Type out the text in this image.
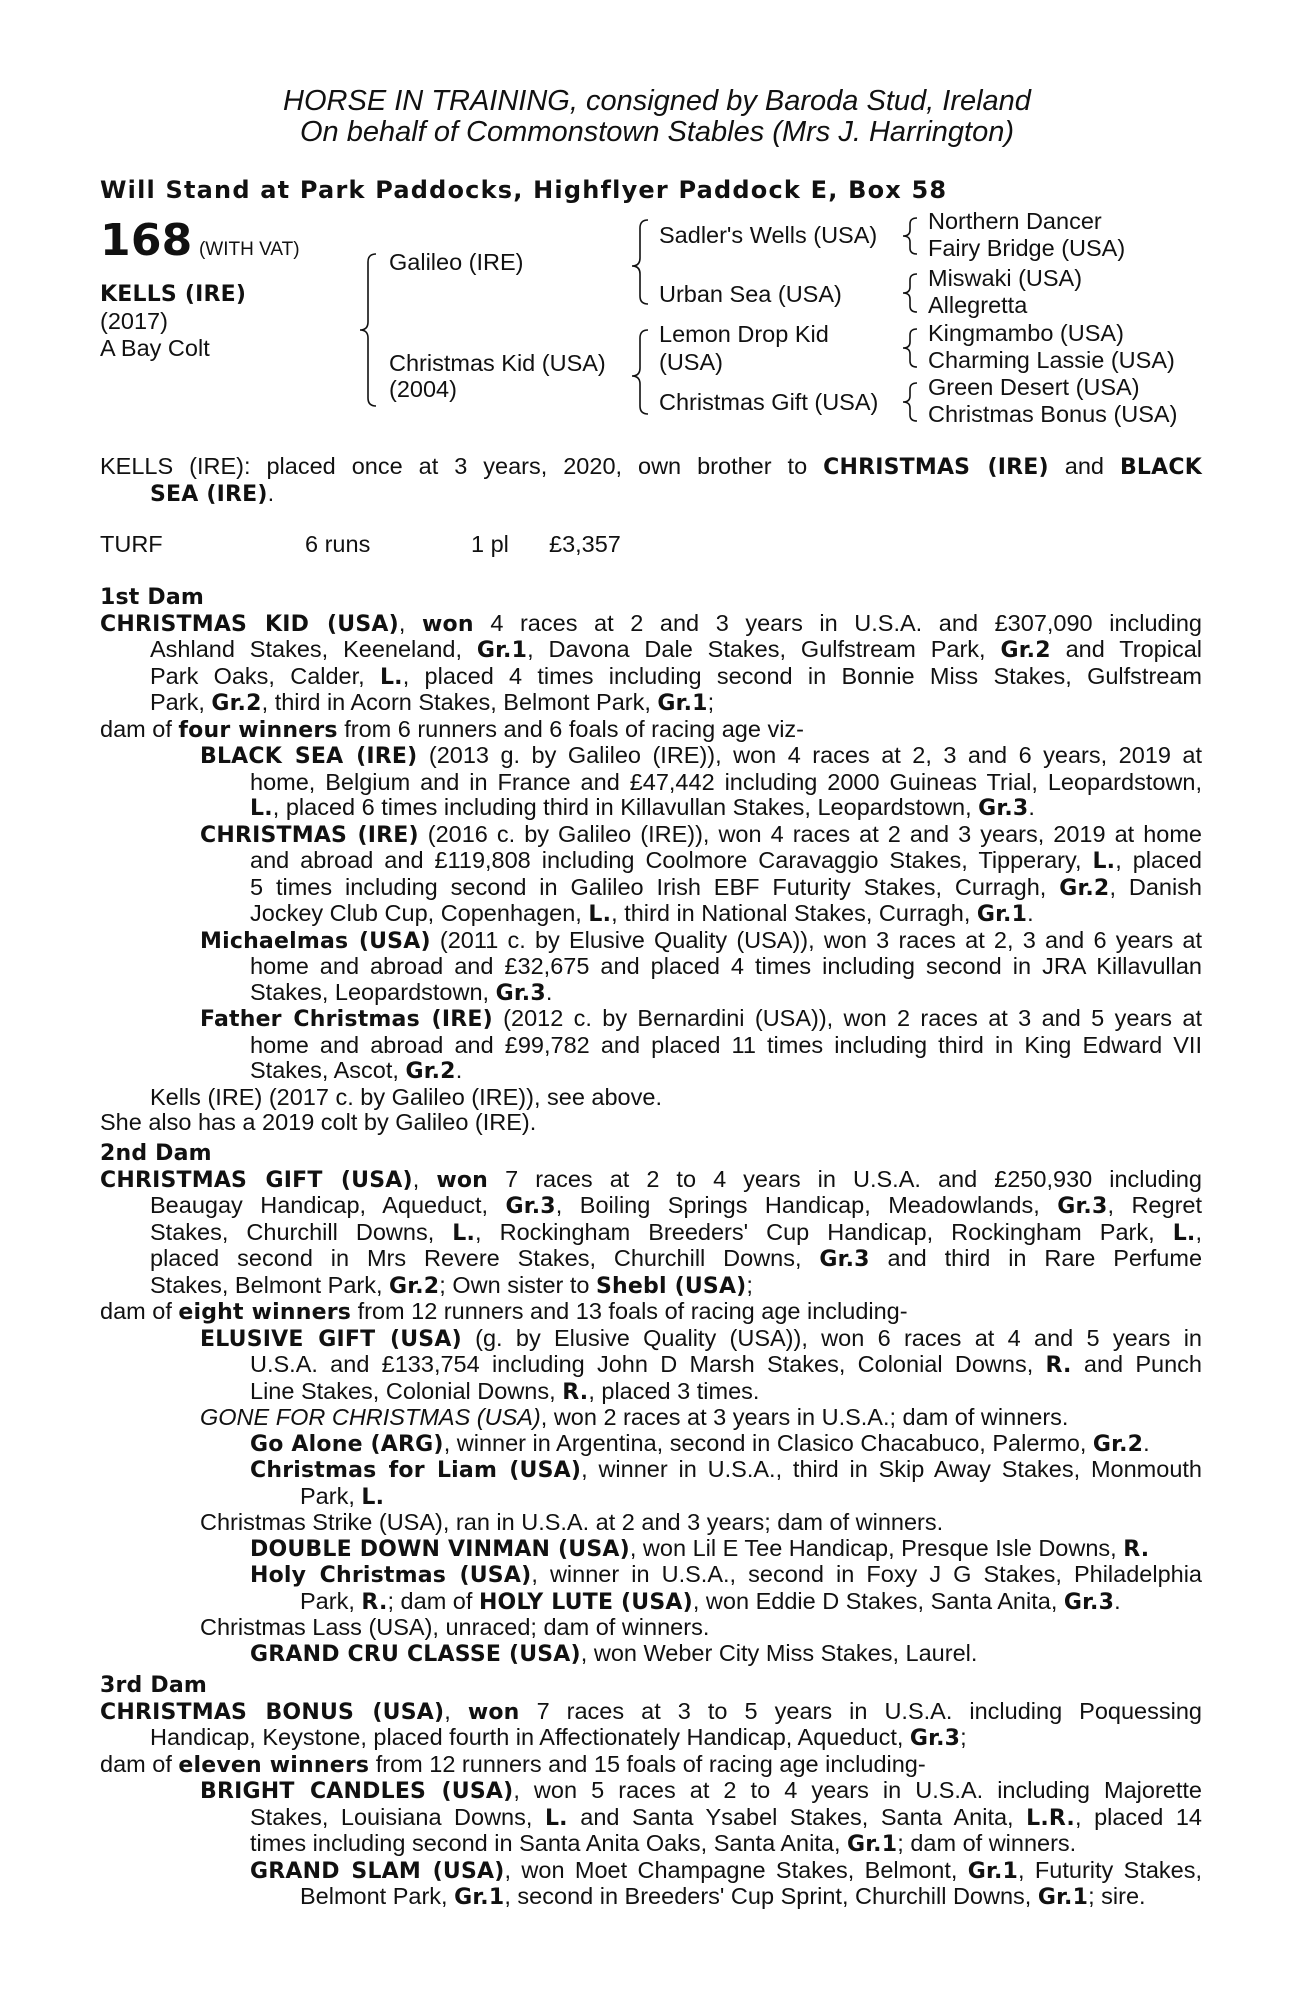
HORSE IN TRAINING, consigned by Baroda Stud, Ireland
On behalf of Commonstown Stables (Mrs J. Harrington)
Will Stand at Park Paddocks, Highflyer Paddock E, Box 58
168 (WITH VAT)
KELLS (IRE)
(2017)
A Bay Colt
Galileo (IRE)
Christmas Kid (USA)
(2004)
Sadler's Wells (USA)
Urban Sea (USA)
Lemon Drop Kid
(USA)
Christmas Gift (USA)
Northern Dancer
Fairy Bridge (USA)
Miswaki (USA)
Allegretta
Kingmambo (USA)
Charming Lassie (USA)
Green Desert (USA)
Christmas Bonus (USA)
KELLS (IRE): placed once at 3 years, 2020, own brother to CHRISTMAS (IRE) and BLACK
SEA (IRE).
TURF	6 runs	1 pl £3,357
1st Dam
CHRISTMAS KID (USA), won 4 races at 2 and 3 years in U.S.A. and £307,090 including
Ashland Stakes, Keeneland, Gr.1, Davona Dale Stakes, Gulfstream Park, Gr.2 and Tropical
Park Oaks, Calder, L., placed 4 times including second in Bonnie Miss Stakes, Gulfstream
Park, Gr.2, third in Acorn Stakes, Belmont Park, Gr.1;
dam of four winners from 6 runners and 6 foals of racing age viz-
BLACK SEA (IRE) (2013 g. by Galileo (IRE)), won 4 races at 2, 3 and 6 years, 2019 at
home, Belgium and in France and £47,442 including 2000 Guineas Trial, Leopardstown,
L., placed 6 times including third in Killavullan Stakes, Leopardstown, Gr.3.
CHRISTMAS (IRE) (2016 c. by Galileo (IRE)), won 4 races at 2 and 3 years, 2019 at home
and abroad and £119,808 including Coolmore Caravaggio Stakes, Tipperary, L., placed
5 times including second in Galileo Irish EBF Futurity Stakes, Curragh, Gr.2, Danish
Jockey Club Cup, Copenhagen, L., third in National Stakes, Curragh, Gr.1.
Michaelmas (USA) (2011 c. by Elusive Quality (USA)), won 3 races at 2, 3 and 6 years at
home and abroad and £32,675 and placed 4 times including second in JRA Killavullan
Stakes, Leopardstown, Gr.3.
Father Christmas (IRE) (2012 c. by Bernardini (USA)), won 2 races at 3 and 5 years at
home and abroad and £99,782 and placed 11 times including third in King Edward VII
Stakes, Ascot, Gr.2.
Kells (IRE) (2017 c. by Galileo (IRE)), see above.
She also has a 2019 colt by Galileo (IRE).
2nd Dam
CHRISTMAS GIFT (USA), won 7 races at 2 to 4 years in U.S.A. and £250,930 including
Beaugay Handicap, Aqueduct, Gr.3, Boiling Springs Handicap, Meadowlands, Gr.3, Regret
Stakes, Churchill Downs, L., Rockingham Breeders' Cup Handicap, Rockingham Park, L.,
placed second in Mrs Revere Stakes, Churchill Downs, Gr.3 and third in Rare Perfume
Stakes, Belmont Park, Gr.2; Own sister to Shebl (USA);
dam of eight winners from 12 runners and 13 foals of racing age including-
ELUSIVE GIFT (USA) (g. by Elusive Quality (USA)), won 6 races at 4 and 5 years in
U.S.A. and £133,754 including John D Marsh Stakes, Colonial Downs, R. and Punch
Line Stakes, Colonial Downs, R., placed 3 times.
GONE FOR CHRISTMAS (USA), won 2 races at 3 years in U.S.A.; dam of winners.
Go Alone (ARG), winner in Argentina, second in Clasico Chacabuco, Palermo, Gr.2.
Christmas for Liam (USA), winner in U.S.A., third in Skip Away Stakes, Monmouth
Park, L.
Christmas Strike (USA), ran in U.S.A. at 2 and 3 years; dam of winners.
DOUBLE DOWN VINMAN (USA), won Lil E Tee Handicap, Presque Isle Downs, R.
Holy Christmas (USA), winner in U.S.A., second in Foxy J G Stakes, Philadelphia
Park, R.; dam of HOLY LUTE (USA), won Eddie D Stakes, Santa Anita, Gr.3.
Christmas Lass (USA), unraced; dam of winners.
GRAND CRU CLASSE (USA), won Weber City Miss Stakes, Laurel.
3rd Dam
CHRISTMAS BONUS (USA), won 7 races at 3 to 5 years in U.S.A. including Poquessing
Handicap, Keystone, placed fourth in Affectionately Handicap, Aqueduct, Gr.3;
dam of eleven winners from 12 runners and 15 foals of racing age including-
BRIGHT CANDLES (USA), won 5 races at 2 to 4 years in U.S.A. including Majorette
Stakes, Louisiana Downs, L. and Santa Ysabel Stakes, Santa Anita, L.R., placed 14
times including second in Santa Anita Oaks, Santa Anita, Gr.1; dam of winners.
GRAND SLAM (USA), won Moet Champagne Stakes, Belmont, Gr.1, Futurity Stakes,
Belmont Park, Gr.1, second in Breeders' Cup Sprint, Churchill Downs, Gr.1; sire.
